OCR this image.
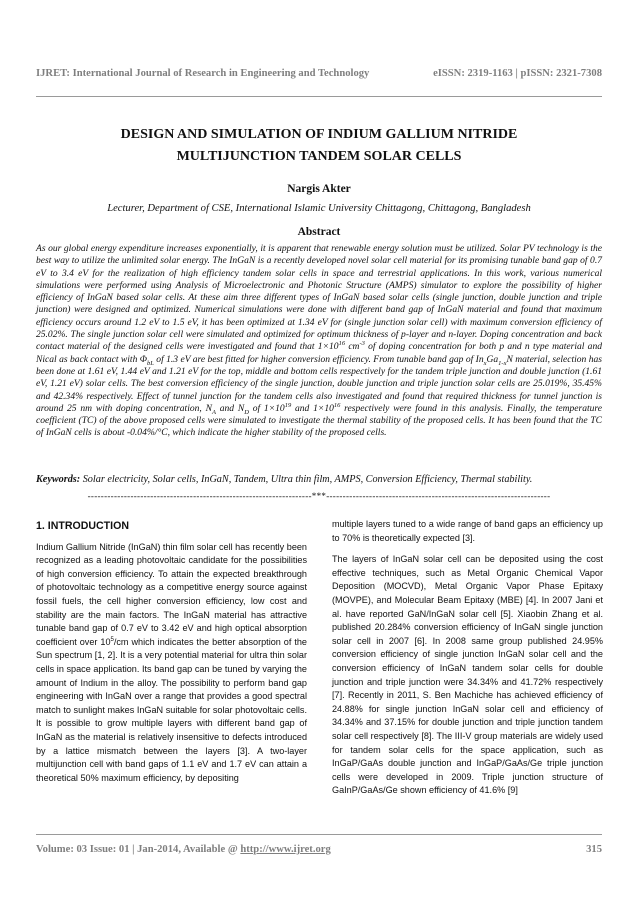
IJRET: International Journal of Research in Engineering and Technology	eISSN: 2319-1163 | pISSN: 2321-7308
DESIGN AND SIMULATION OF INDIUM GALLIUM NITRIDE
MULTIJUNCTION TANDEM SOLAR CELLS
Nargis Akter
Lecturer, Department of CSE, International Islamic University Chittagong, Chittagong, Bangladesh
Abstract
As our global energy expenditure increases exponentially, it is apparent that renewable energy solution must be utilized. Solar PV technology is the best way to utilize the unlimited solar energy. The InGaN is a recently developed novel solar cell material for its promising tunable band gap of 0.7 eV to 3.4 eV for the realization of high efficiency tandem solar cells in space and terrestrial applications. In this work, various numerical simulations were performed using Analysis of Microelectronic and Photonic Structure (AMPS) simulator to explore the possibility of higher efficiency of InGaN based solar cells. At these aim three different types of InGaN based solar cells (single junction, double junction and triple junction) were designed and optimized. Numerical simulations were done with different band gap of InGaN material and found that maximum efficiency occurs around 1.2 eV to 1.5 eV, it has been optimized at 1.34 eV for (single junction solar cell) with maximum conversion efficiency of 25.02%. The single junction solar cell were simulated and optimized for optimum thickness of p-layer and n-layer. Doping concentration and back contact material of the designed cells were investigated and found that $1\times 10^{16}$ $cm^{-3}$ of doping concentration for both p and n type material and Nical as back contact with $\Phi_{bL}$ of 1.3 eV are best fitted for higher conversion efficiency. From tunable band gap of $In_xGa_{1-x}N$ material, selection has been done at 1.61 eV, 1.44 eV and 1.21 eV for the top, middle and bottom cells respectively for the tandem triple junction and double junction (1.61 eV, 1.21 eV) solar cells. The best conversion efficiency of the single junction, double junction and triple junction solar cells are 25.019%, 35.45% and 42.34% respectively. Effect of tunnel junction for the tandem cells also investigated and found that required thickness for tunnel junction is around 25 nm with doping concentration, $N_A$ and $N_D$ of $1\times 10^{19}$ and $1\times 10^{16}$ respectively were found in this analysis. Finally, the temperature coefficient (TC) of the above proposed cells were simulated to investigate the thermal stability of the proposed cells. It has been found that the TC of InGaN cells is about -0.04%/°C, which indicate the higher stability of the proposed cells.
Keywords: Solar electricity, Solar cells, InGaN, Tandem, Ultra thin film, AMPS, Conversion Efficiency, Thermal stability.
--------------------------------------------------------------------***--------------------------------------------------------------------
1. INTRODUCTION

Indium Gallium Nitride (InGaN) thin film solar cell has recently been recognized as a leading photovoltaic candidate for the possibilities of high conversion efficiency. To attain the expected breakthrough of photovoltaic technology as a competitive energy source against fossil fuels, the cell higher conversion efficiency, low cost and stability are the main factors. The InGaN material has attractive tunable band gap of 0.7 eV to 3.42 eV and high optical absorption coefficient over $10^5/cm$ which indicates the better absorption of the Sun spectrum [1, 2]. It is a very potential material for ultra thin solar cells in space application. Its band gap can be tuned by varying the amount of Indium in the alloy. The possibility to perform band gap engineering with InGaN over a range that provides a good spectral match to sunlight makes InGaN suitable for solar photovoltaic cells. It is possible to grow multiple layers with different band gap of InGaN as the material is relatively insensitive to defects introduced by a lattice mismatch between the layers [3]. A two-layer multijunction cell with band gaps of 1.1 eV and 1.7 eV can attain a theoretical 50% maximum efficiency, by depositing

multiple layers tuned to a wide range of band gaps an efficiency up to 70% is theoretically expected [3].

The layers of InGaN solar cell can be deposited using the cost effective techniques, such as Metal Organic Chemical Vapor Deposition (MOCVD), Metal Organic Vapor Phase Epitaxy (MOVPE), and Molecular Beam Epitaxy (MBE) [4]. In 2007 Jani et al. have reported GaN/InGaN solar cell [5]. Xiaobin Zhang et al. published 20.284% conversion efficiency of InGaN single junction solar cell in 2007 [6]. In 2008 same group published 24.95% conversion efficiency of single junction InGaN solar cell and the conversion efficiency of InGaN tandem solar cells for double junction and triple junction were 34.34% and 41.72% respectively [7]. Recently in 2011, S. Ben Machiche has achieved efficiency of 24.88% for single junction InGaN solar cell and efficiency of 34.34% and 37.15% for double junction and triple junction tandem solar cell respectively [8]. The III-V group materials are widely used for tandem solar cells for the space application, such as InGaP/GaAs double junction and InGaP/GaAs/Ge triple junction cells were developed in 2009. Triple junction structure of GaInP/GaAs/Ge shown efficiency of 41.6% [9]

Volume: 03 Issue: 01 | Jan-2014, Available @ http://www.ijret.org	315
